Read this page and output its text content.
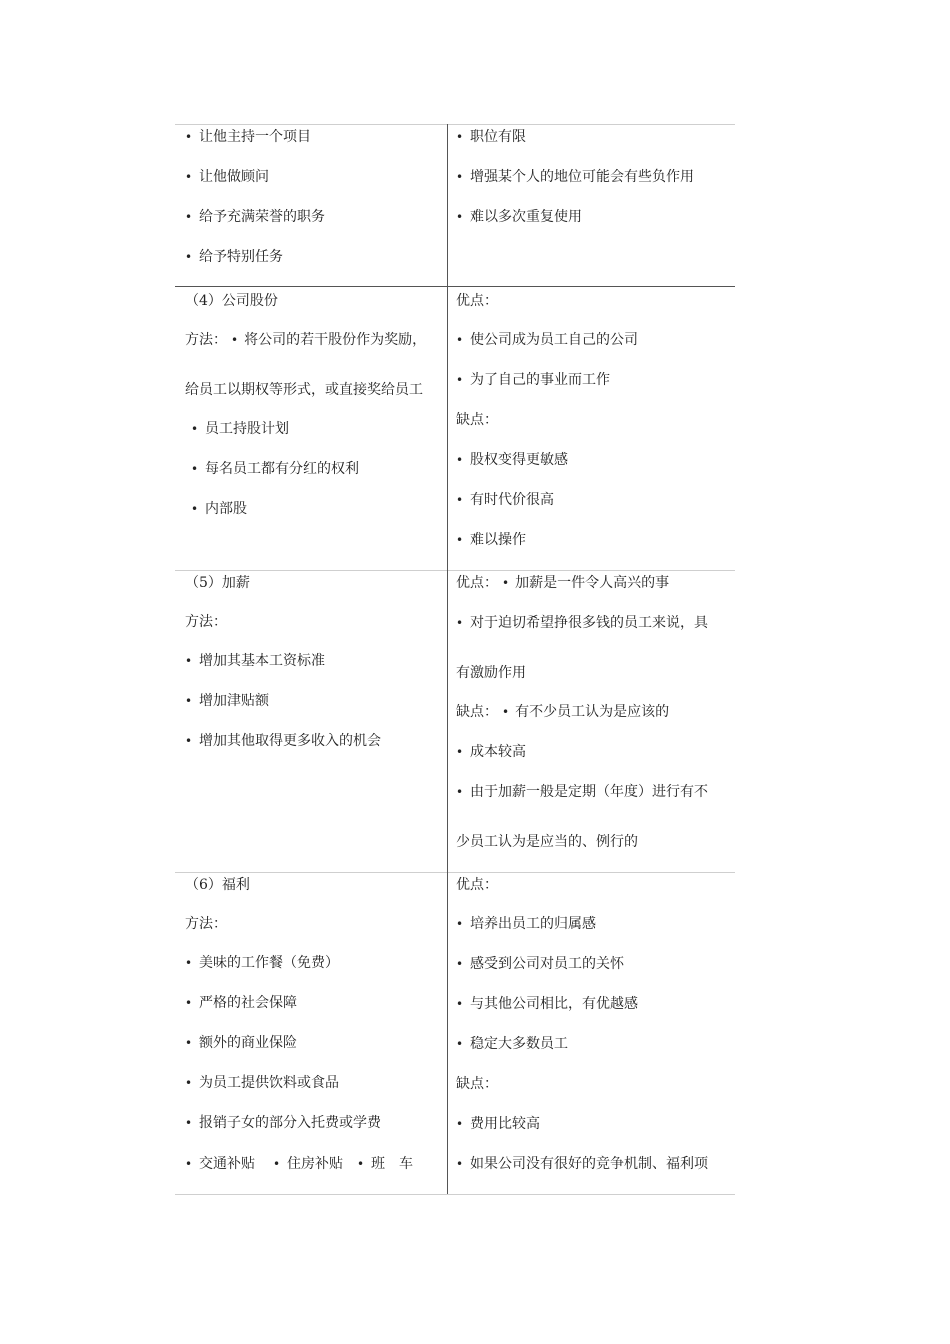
• 让他主持一个项目
• 让他做顾问
• 给予充满荣誉的职务
• 给予特别任务
• 职位有限
• 增强某个人的地位可能会有些负作用
• 难以多次重复使用
（4）公司股份
方法： • 将公司的若干股份作为奖励，
给员工以期权等形式，或直接奖给员工
• 员工持股计划
• 每名员工都有分红的权利
• 内部股
优点：
• 使公司成为员工自己的公司
• 为了自己的事业而工作
缺点：
• 股权变得更敏感
• 有时代价很高
• 难以操作
（5）加薪
方法：
• 增加其基本工资标准
• 增加津贴额
• 增加其他取得更多收入的机会
优点： • 加薪是一件令人高兴的事
• 对于迫切希望挣很多钱的员工来说，具
有激励作用
缺点： • 有不少员工认为是应该的
• 成本较高
• 由于加薪一般是定期（年度）进行有不
少员工认为是应当的、例行的
（6）福利
方法：
• 美味的工作餐（免费）
• 严格的社会保障
• 额外的商业保险
• 为员工提供饮料或食品
• 报销子女的部分入托费或学费
• 交通补贴 • 住房补贴 • 班　车
优点：
• 培养出员工的归属感
• 感受到公司对员工的关怀
• 与其他公司相比，有优越感
• 稳定大多数员工
缺点：
• 费用比较高
• 如果公司没有很好的竞争机制、福利项
